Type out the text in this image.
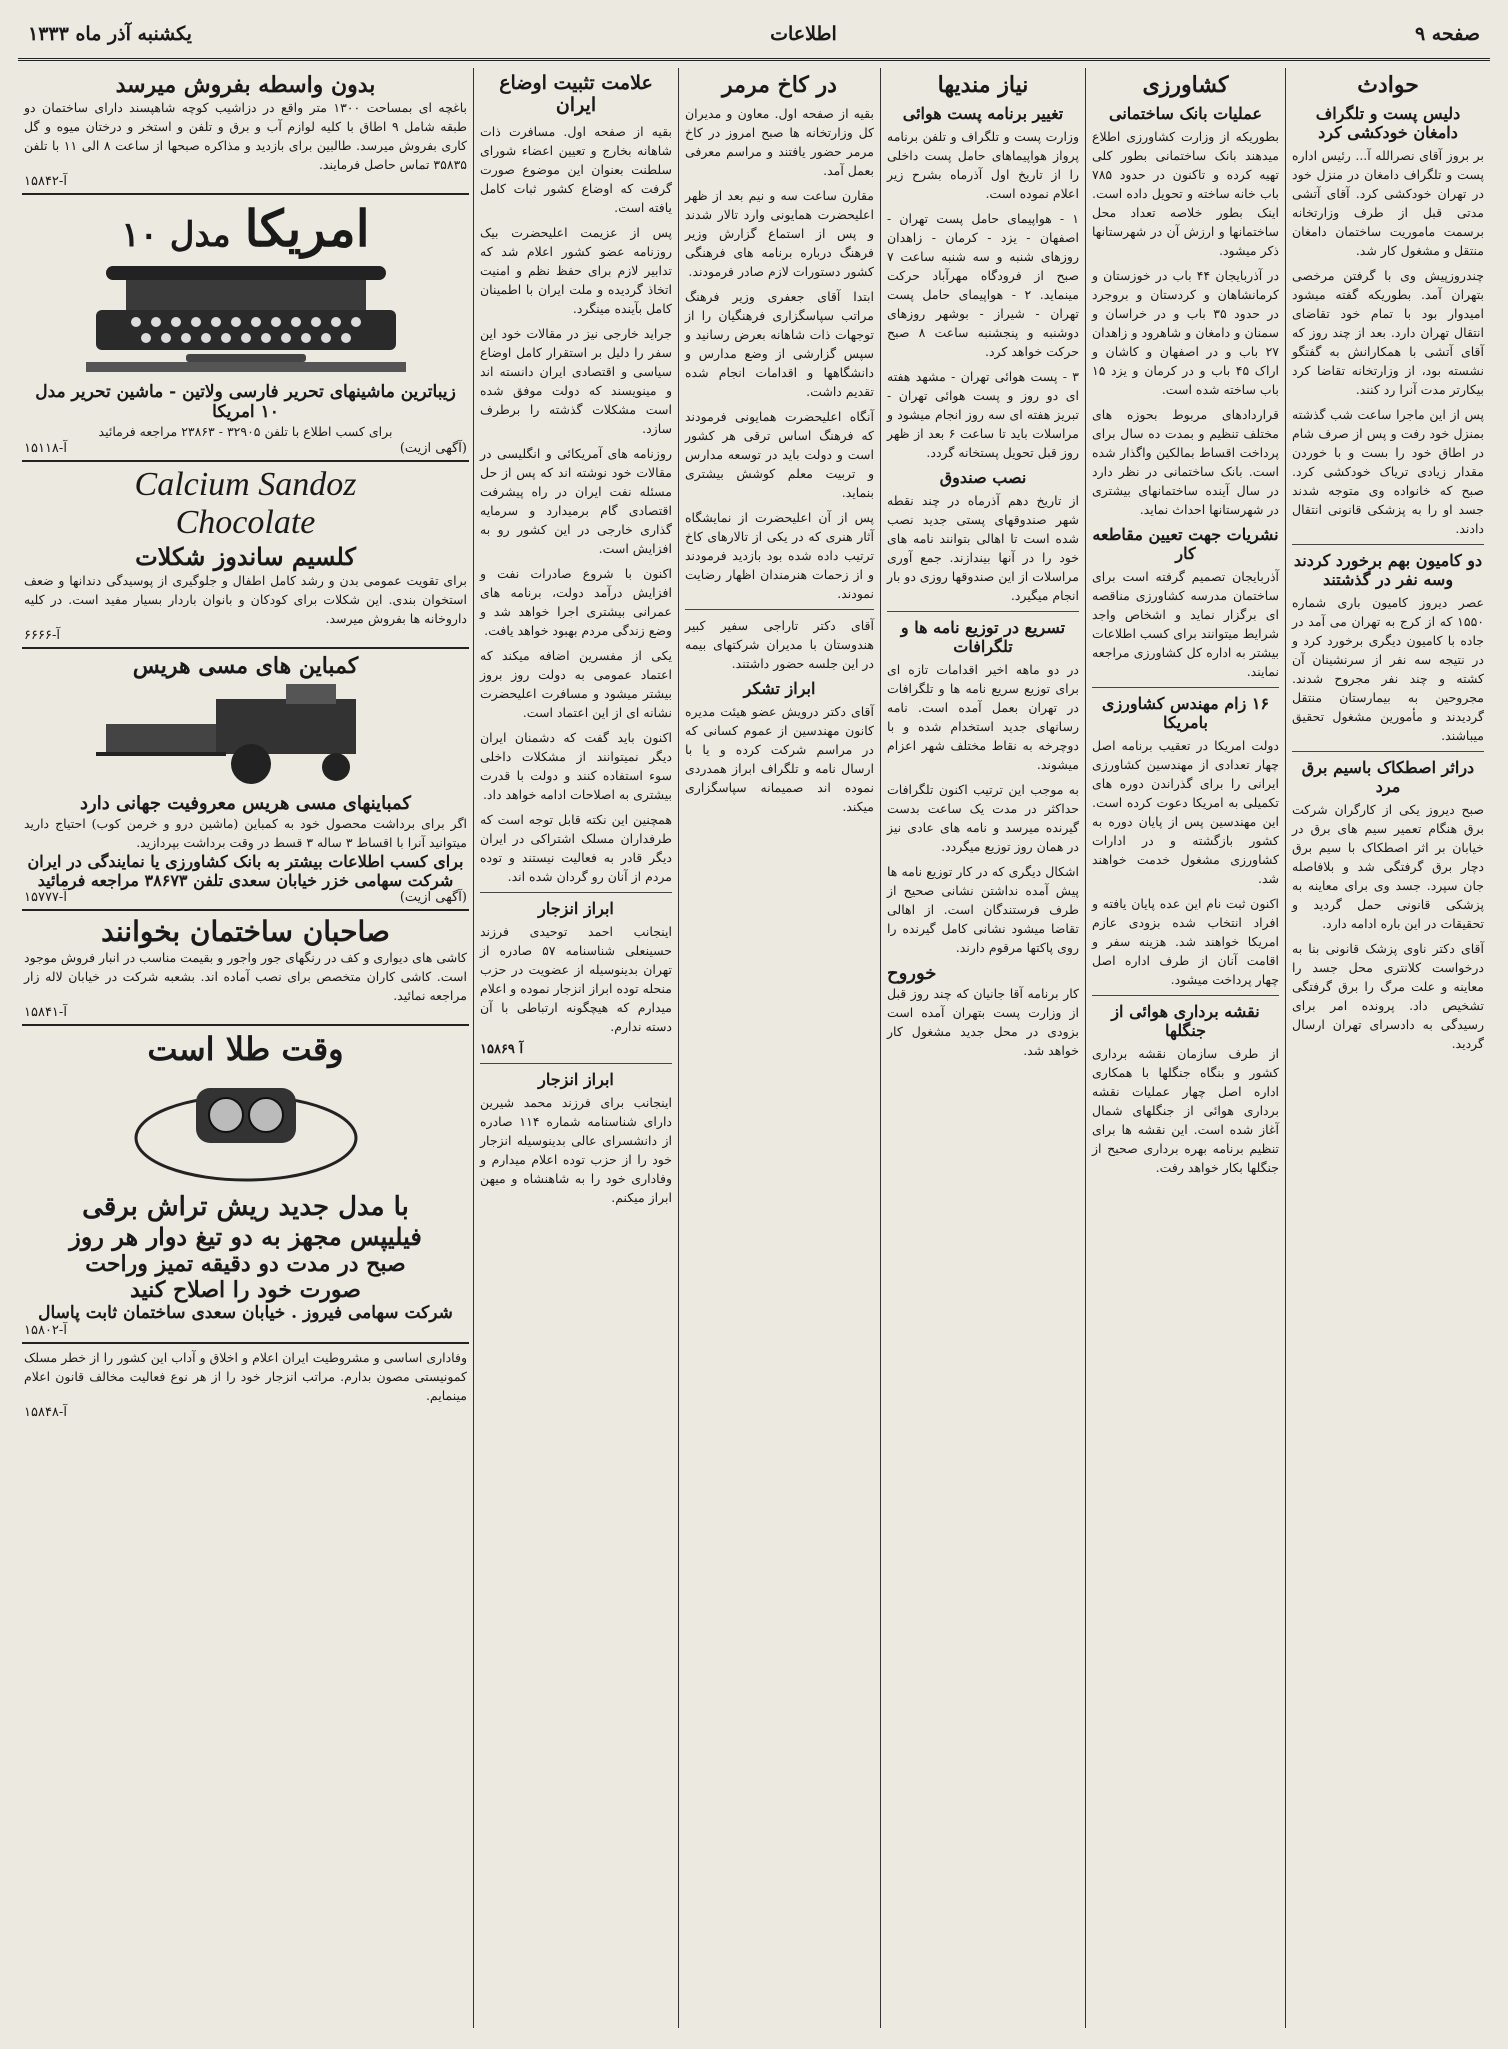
صفحه ۹
اطلاعات
یکشنبه آذر ماه ۱۳۳۳
حوادث
دلیس پست و تلگراف دامغان خودکشی کرد

بر بروز آقای نصرالله آ... رئیس اداره پست و تلگراف دامغان در منزل خود در تهران خودکشی کرد. آقای آتشی مدتی قبل از طرف وزارتخانه برسمت ماموریت ساختمان دامغان منتقل و مشغول کار شد.

چندروزپیش وی با گرفتن مرخصی بتهران آمد. بطوریکه گفته میشود امیدوار بود با تمام خود تقاضای انتقال تهران دارد. بعد از چند روز که آقای آتشی با همکارانش به گفتگو نشسته بود، از وزارتخانه تقاضا کرد بیکارتر مدت آنرا رد کنند.

پس از این ماجرا ساعت شب گذشته بمنزل خود رفت و پس از صرف شام در اطاق خود را بست و با خوردن مقدار زیادی تریاک خودکشی کرد. صبح که خانواده وی متوجه شدند جسد او را به پزشکی قانونی انتقال دادند.

دو کامیون بهم برخورد کردند وسه نفر در گذشتند

عصر دیروز کامیون باری شماره ۱۵۵۰ که از کرج به تهران می آمد در جاده با کامیون دیگری برخورد کرد و در نتیجه سه نفر از سرنشینان آن کشته و چند نفر مجروح شدند. مجروحین به بیمارستان منتقل گردیدند و مأمورین مشغول تحقیق میباشند.

دراثر اصطکاک باسیم برق مرد

صبح دیروز یکی از کارگران شرکت برق هنگام تعمیر سیم های برق در خیابان بر اثر اصطکاک با سیم برق دچار برق گرفتگی شد و بلافاصله جان سپرد. جسد وی برای معاینه به پزشکی قانونی حمل گردید و تحقیقات در این باره ادامه دارد.

آقای دکتر ناوی پزشک قانونی بنا به درخواست کلانتری محل جسد را معاینه و علت مرگ را برق گرفتگی تشخیص داد. پرونده امر برای رسیدگی به دادسرای تهران ارسال گردید.

کشاورزی
عملیات بانک ساختمانی

بطوریکه از وزارت کشاورزی اطلاع میدهند بانک ساختمانی بطور کلی تهیه کرده و تاکنون در حدود ۷۸۵ باب خانه ساخته و تحویل داده است. اینک بطور خلاصه تعداد محل ساختمانها و ارزش آن در شهرستانها ذکر میشود.

در آذربایجان ۴۴ باب در خوزستان و کرمانشاهان و کردستان و بروجرد در حدود ۳۵ باب و در خراسان و سمنان و دامغان و شاهرود و زاهدان ۲۷ باب و در اصفهان و کاشان و اراک ۴۵ باب و در کرمان و یزد ۱۵ باب ساخته شده است.

قراردادهای مربوط بحوزه های مختلف تنظیم و بمدت ده سال برای پرداخت اقساط بمالکین واگذار شده است. بانک ساختمانی در نظر دارد در سال آینده ساختمانهای بیشتری در شهرستانها احداث نماید.

نشریات جهت تعیین مقاطعه کار

آذربایجان تصمیم گرفته است برای ساختمان مدرسه کشاورزی مناقصه ای برگزار نماید و اشخاص واجد شرایط میتوانند برای کسب اطلاعات بیشتر به اداره کل کشاورزی مراجعه نمایند.

۱۶ زام مهندس کشاورزی بامریکا

دولت امریکا در تعقیب برنامه اصل چهار تعدادی از مهندسین کشاورزی ایرانی را برای گذراندن دوره های تکمیلی به امریکا دعوت کرده است. این مهندسین پس از پایان دوره به کشور بازگشته و در ادارات کشاورزی مشغول خدمت خواهند شد.

اکنون ثبت نام این عده پایان یافته و افراد انتخاب شده بزودی عازم امریکا خواهند شد. هزینه سفر و اقامت آنان از طرف اداره اصل چهار پرداخت میشود.

نقشه برداری هوائی از جنگلها

از طرف سازمان نقشه برداری کشور و بنگاه جنگلها با همکاری اداره اصل چهار عملیات نقشه برداری هوائی از جنگلهای شمال آغاز شده است. این نقشه ها برای تنظیم برنامه بهره برداری صحیح از جنگلها بکار خواهد رفت.

نیاز مندیها
تغییر برنامه پست هوائی

وزارت پست و تلگراف و تلفن برنامه پرواز هواپیماهای حامل پست داخلی را از تاریخ اول آذرماه بشرح زیر اعلام نموده است.

۱ - هواپیمای حامل پست تهران - اصفهان - یزد - کرمان - زاهدان روزهای شنبه و سه شنبه ساعت ۷ صبح از فرودگاه مهرآباد حرکت مینماید. ۲ - هواپیمای حامل پست تهران - شیراز - بوشهر روزهای دوشنبه و پنجشنبه ساعت ۸ صبح حرکت خواهد کرد.

۳ - پست هوائی تهران - مشهد هفته ای دو روز و پست هوائی تهران - تبریز هفته ای سه روز انجام میشود و مراسلات باید تا ساعت ۶ بعد از ظهر روز قبل تحویل پستخانه گردد.

نصب صندوق

از تاریخ دهم آذرماه در چند نقطه شهر صندوقهای پستی جدید نصب شده است تا اهالی بتوانند نامه های خود را در آنها بیندازند. جمع آوری مراسلات از این صندوقها روزی دو بار انجام میگیرد.

تسریع در توزیع نامه ها و تلگرافات

در دو ماهه اخیر اقدامات تازه ای برای توزیع سریع نامه ها و تلگرافات در تهران بعمل آمده است. نامه رسانهای جدید استخدام شده و با دوچرخه به نقاط مختلف شهر اعزام میشوند.

به موجب این ترتیب اکنون تلگرافات حداکثر در مدت یک ساعت بدست گیرنده میرسد و نامه های عادی نیز در همان روز توزیع میگردد.

اشکال دیگری که در کار توزیع نامه ها پیش آمده نداشتن نشانی صحیح از طرف فرستندگان است. از اهالی تقاضا میشود نشانی کامل گیرنده را روی پاکتها مرقوم دارند.

خوروح

کار برنامه آقا جانیان که چند روز قبل از وزارت پست بتهران آمده است بزودی در محل جدید مشغول کار خواهد شد.

در کاخ مرمر

بقیه از صفحه اول. معاون و مدیران کل وزارتخانه ها صبح امروز در کاخ مرمر حضور یافتند و مراسم معرفی بعمل آمد.

مقارن ساعت سه و نیم بعد از ظهر اعلیحضرت همایونی وارد تالار شدند و پس از استماع گزارش وزیر فرهنگ درباره برنامه های فرهنگی کشور دستورات لازم صادر فرمودند.

ابتدا آقای جعفری وزیر فرهنگ مراتب سپاسگزاری فرهنگیان را از توجهات ذات شاهانه بعرض رسانید و سپس گزارشی از وضع مدارس و دانشگاهها و اقدامات انجام شده تقدیم داشت.

آنگاه اعلیحضرت همایونی فرمودند که فرهنگ اساس ترقی هر کشور است و دولت باید در توسعه مدارس و تربیت معلم کوشش بیشتری بنماید.

پس از آن اعلیحضرت از نمایشگاه آثار هنری که در یکی از تالارهای کاخ ترتیب داده شده بود بازدید فرمودند و از زحمات هنرمندان اظهار رضایت نمودند.

آقای دکتر تاراجی سفیر کبیر هندوستان با مدیران شرکتهای بیمه در این جلسه حضور داشتند.

ابراز تشکر

آقای دکتر درویش عضو هیئت مدیره کانون مهندسین از عموم کسانی که در مراسم شرکت کرده و یا با ارسال نامه و تلگراف ابراز همدردی نموده اند صمیمانه سپاسگزاری میکند.

علامت تثبیت اوضاع ایران

بقیه از صفحه اول. مسافرت ذات شاهانه بخارج و تعیین اعضاء شورای سلطنت بعنوان این موضوع صورت گرفت که اوضاع کشور ثبات کامل یافته است.

پس از عزیمت اعلیحضرت بیک روزنامه عضو کشور اعلام شد که تدابیر لازم برای حفظ نظم و امنیت اتخاذ گردیده و ملت ایران با اطمینان کامل بآینده مینگرد.

جراید خارجی نیز در مقالات خود این سفر را دلیل بر استقرار کامل اوضاع سیاسی و اقتصادی ایران دانسته اند و مینویسند که دولت موفق شده است مشکلات گذشته را برطرف سازد.

روزنامه های آمریکائی و انگلیسی در مقالات خود نوشته اند که پس از حل مسئله نفت ایران در راه پیشرفت اقتصادی گام برمیدارد و سرمایه گذاری خارجی در این کشور رو به افزایش است.

اکنون با شروع صادرات نفت و افزایش درآمد دولت، برنامه های عمرانی بیشتری اجرا خواهد شد و وضع زندگی مردم بهبود خواهد یافت.

یکی از مفسرین اضافه میکند که اعتماد عمومی به دولت روز بروز بیشتر میشود و مسافرت اعلیحضرت نشانه ای از این اعتماد است.

اکنون باید گفت که دشمنان ایران دیگر نمیتوانند از مشکلات داخلی سوء استفاده کنند و دولت با قدرت بیشتری به اصلاحات ادامه خواهد داد.

همچنین این نکته قابل توجه است که طرفداران مسلک اشتراکی در ایران دیگر قادر به فعالیت نیستند و توده مردم از آنان رو گردان شده اند.

ابراز انزجار

اینجانب احمد توحیدی فرزند حسینعلی شناسنامه ۵۷ صادره از تهران بدینوسیله از عضویت در حزب منحله توده ابراز انزجار نموده و اعلام میدارم که هیچگونه ارتباطی با آن دسته ندارم.

آ ۱۵۸۶۹
ابراز انزجار

اینجانب برای فرزند محمد شیرین دارای شناسنامه شماره ۱۱۴ صادره از دانشسرای عالی بدینوسیله انزجار خود را از حزب توده اعلام میدارم و وفاداری خود را به شاهنشاه و میهن ابراز میکنم.

بدون واسطه بفروش میرسد
باغچه ای بمساحت ۱۳۰۰ متر واقع در دزاشیب کوچه شاهپسند دارای ساختمان دو طبقه شامل ۹ اطاق با کلیه لوازم آب و برق و تلفن و استخر و درختان میوه و گل کاری بفروش میرسد. طالبین برای بازدید و مذاکره صبحها از ساعت ۸ الی ۱۱ با تلفن ۳۵۸۳۵ تماس حاصل فرمایند.
آ-۱۵۸۴۲
امریکا
مدل ۱۰
زیباترین ماشینهای تحریر فارسی ولاتین - ماشین تحریر مدل ۱۰ امریکا
برای کسب اطلاع با تلفن ۳۲۹۰۵ - ۲۳۸۶۳ مراجعه فرمائید
(آگهی ازیت)
آ-۱۵۱۱۸
Calcium Sandoz
Chocolate
کلسیم ساندوز شکلات
برای تقویت عمومی بدن و رشد کامل اطفال و جلوگیری از پوسیدگی دندانها و ضعف استخوان بندی. این شکلات برای کودکان و بانوان باردار بسیار مفید است. در کلیه داروخانه ها بفروش میرسد.
آ-۶۶۶۶
کمباین های مسی هریس
کمباینهای مسی هریس معروفیت جهانی دارد
اگر برای برداشت محصول خود به کمباین (ماشین درو و خرمن کوب) احتیاج دارید میتوانید آنرا با اقساط ۳ ساله ۳ قسط در وقت برداشت بپردازید.
برای کسب اطلاعات بیشتر به بانک کشاورزی یا نمایندگی در ایران شرکت سهامی خزر خیابان سعدی تلفن ۳۸۶۷۳ مراجعه فرمائید
(آگهی ازیت)
آ-۱۵۷۷۷
صاحبان ساختمان بخوانند
کاشی های دیواری و کف در رنگهای جور واجور و بقیمت مناسب در انبار فروش موجود است. کاشی کاران متخصص برای نصب آماده اند. بشعبه شرکت در خیابان لاله زار مراجعه نمائید.
آ-۱۵۸۴۱
وقت طلا است
با مدل جدید ریش تراش برقی
فیلیپس مجهز به دو تیغ دوار هر روز
صبح در مدت دو دقیقه تمیز وراحت
صورت خود را اصلاح کنید
شرکت سهامی فیروز . خیابان سعدی ساختمان ثابت پاسال
آ-۱۵۸۰۲
وفاداری اساسی و مشروطیت ایران اعلام و اخلاق و آداب این کشور را از خطر مسلک کمونیستی مصون بدارم. مراتب انزجار خود را از هر نوع فعالیت مخالف قانون اعلام مینمایم.
آ-۱۵۸۴۸
